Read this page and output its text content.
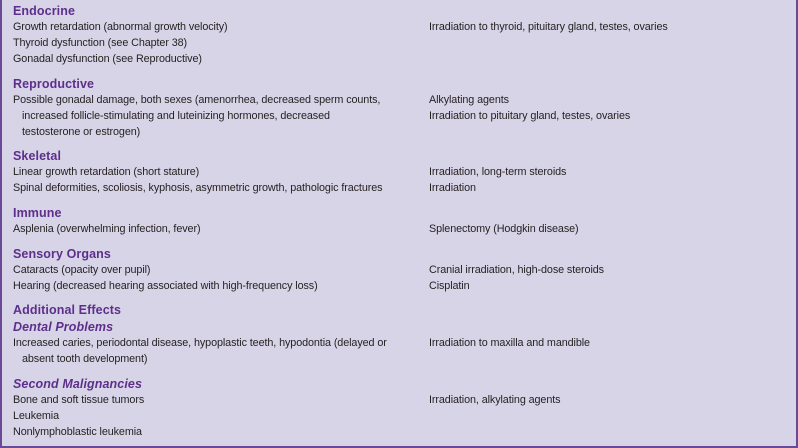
Endocrine
Growth retardation (abnormal growth velocity)
Thyroid dysfunction (see Chapter 38)
Gonadal dysfunction (see Reproductive)
Irradiation to thyroid, pituitary gland, testes, ovaries
Reproductive
Possible gonadal damage, both sexes (amenorrhea, decreased sperm counts,
increased follicle-stimulating and luteinizing hormones, decreased
testosterone or estrogen)
Alkylating agents
Irradiation to pituitary gland, testes, ovaries
Skeletal
Linear growth retardation (short stature)
Spinal deformities, scoliosis, kyphosis, asymmetric growth, pathologic fractures
Irradiation, long-term steroids
Irradiation
Immune
Asplenia (overwhelming infection, fever)	Splenectomy (Hodgkin disease)
Sensory Organs
Cataracts (opacity over pupil)
Hearing (decreased hearing associated with high-frequency loss)
Cranial irradiation, high-dose steroids
Cisplatin
Additional Effects
Dental Problems
Increased caries, periodontal disease, hypoplastic teeth, hypodontia (delayed or
absent tooth development)
Irradiation to maxilla and mandible
Second Malignancies
Bone and soft tissue tumors
Leukemia
Nonlymphoblastic leukemia
Irradiation, alkylating agents
